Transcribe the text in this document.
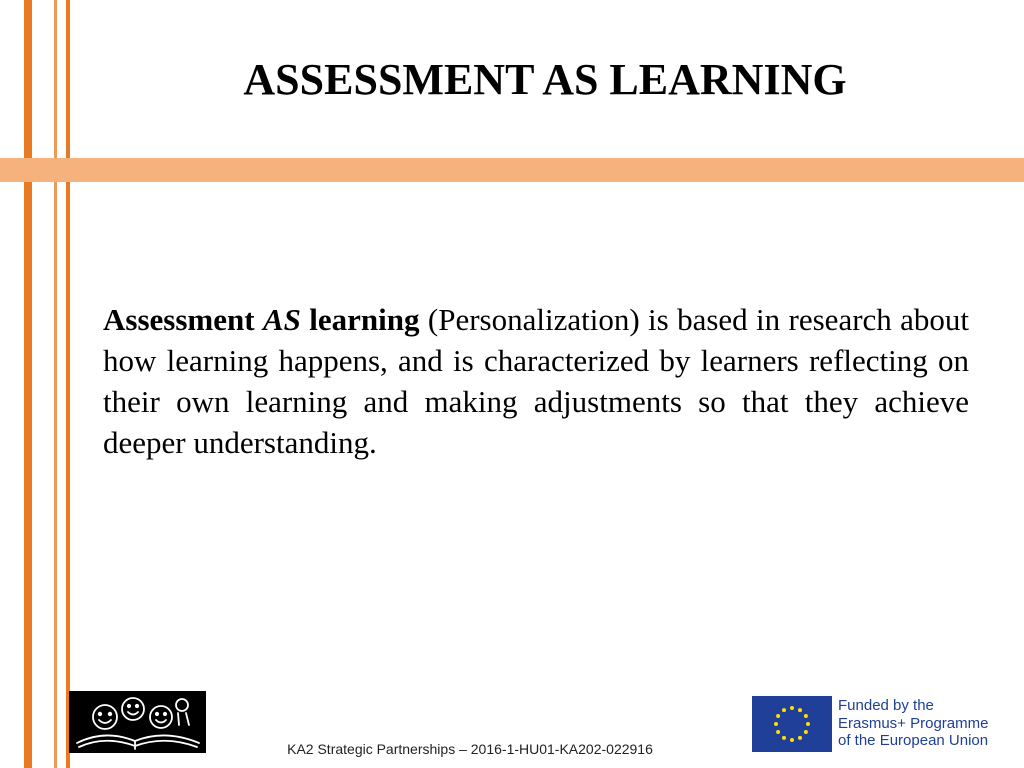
ASSESSMENT AS LEARNING

Assessment AS learning (Personalization) is based in research about how learning happens, and is characterized by learners reflecting on their own learning and making adjustments so that they achieve deeper understanding.

KA2 Strategic Partnerships – 2016-1-HU01-KA202-022916
Funded by the
Erasmus+ Programme
of the European Union
